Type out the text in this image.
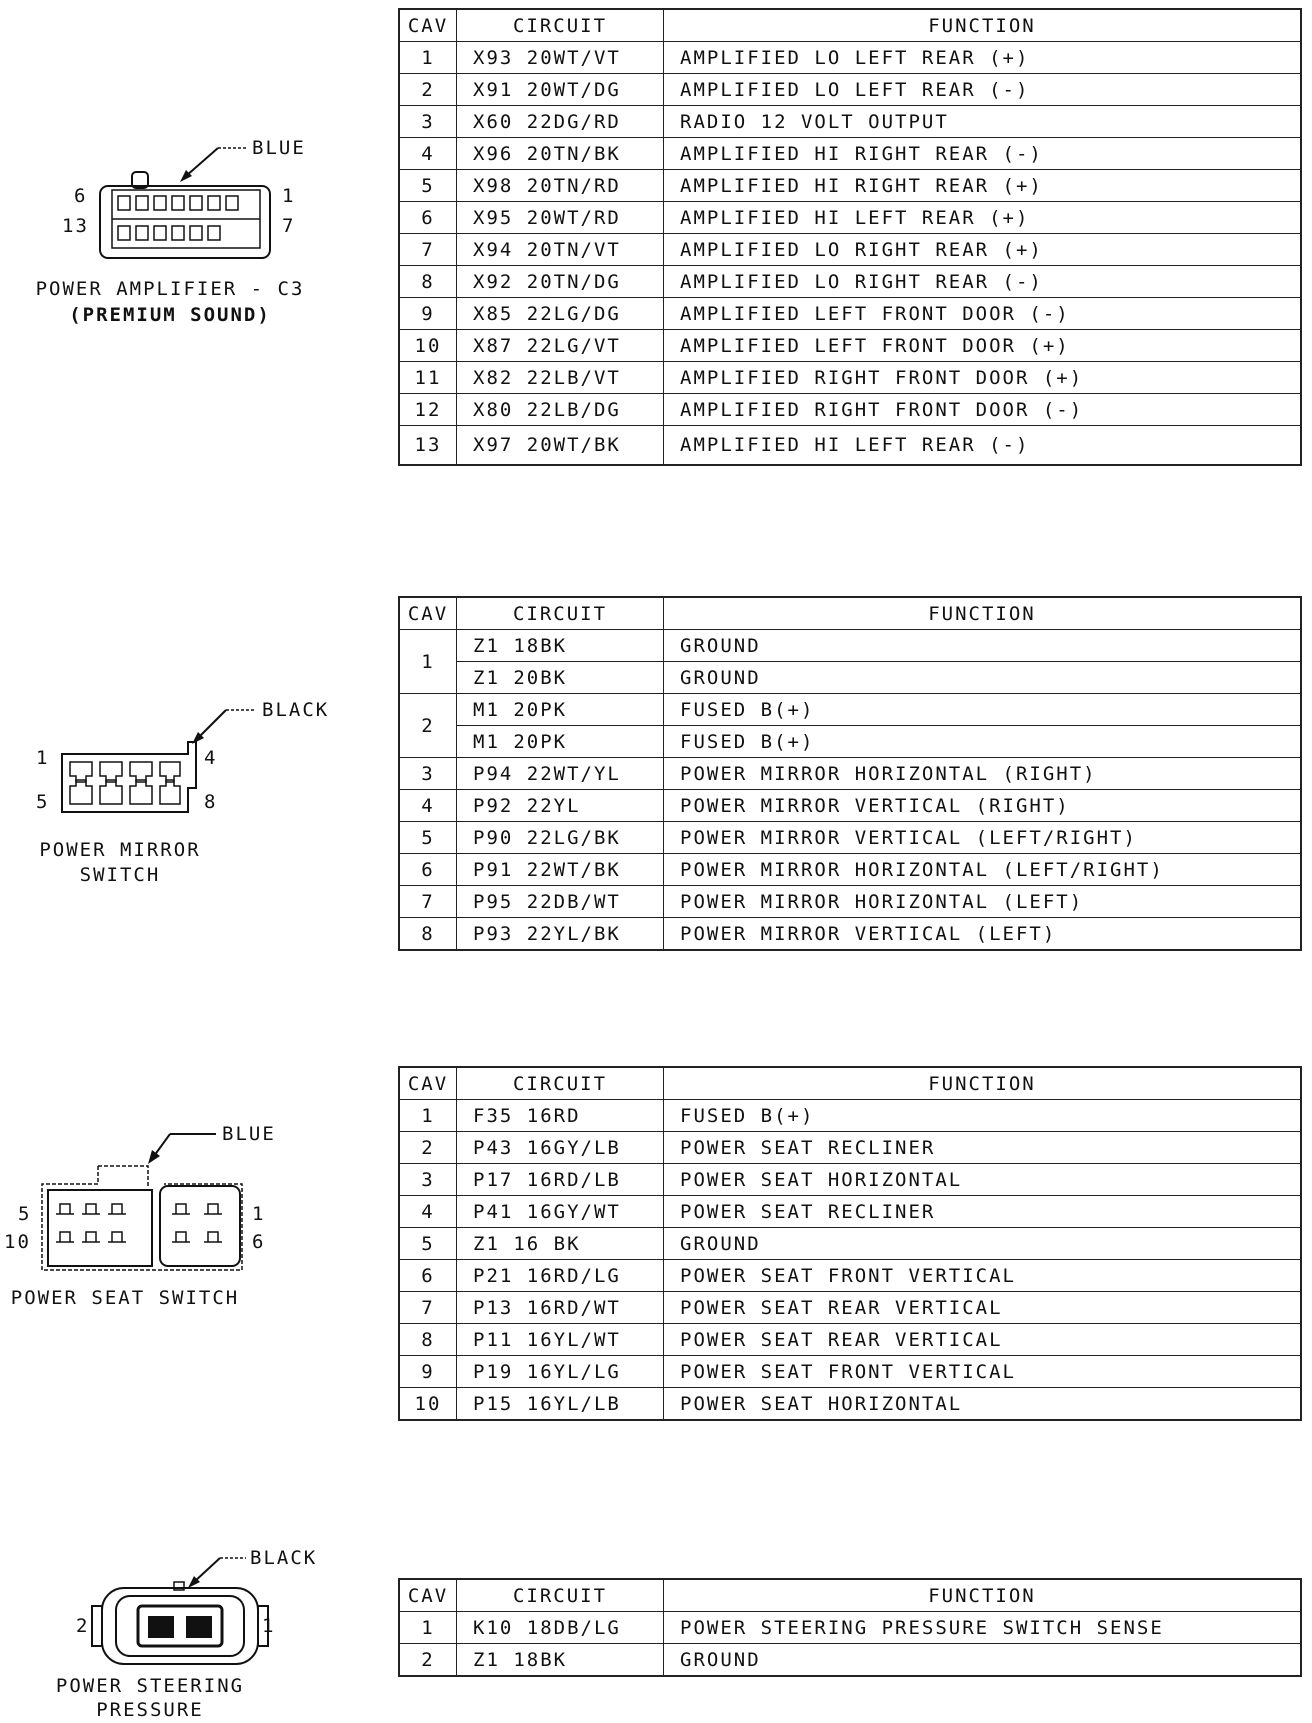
BLUE
6
13
1
7
POWER AMPLIFIER - C3
(PREMIUM SOUND)
CAV	CIRCUIT	FUNCTION
1	X93 20WT/VT	AMPLIFIED LO LEFT REAR (+)
2	X91 20WT/DG	AMPLIFIED LO LEFT REAR (-)
3	X60 22DG/RD	RADIO 12 VOLT OUTPUT
4	X96 20TN/BK	AMPLIFIED HI RIGHT REAR (-)
5	X98 20TN/RD	AMPLIFIED HI RIGHT REAR (+)
6	X95 20WT/RD	AMPLIFIED HI LEFT REAR (+)
7	X94 20TN/VT	AMPLIFIED LO RIGHT REAR (+)
8	X92 20TN/DG	AMPLIFIED LO RIGHT REAR (-)
9	X85 22LG/DG	AMPLIFIED LEFT FRONT DOOR (-)
10	X87 22LG/VT	AMPLIFIED LEFT FRONT DOOR (+)
11	X82 22LB/VT	AMPLIFIED RIGHT FRONT DOOR (+)
12	X80 22LB/DG	AMPLIFIED RIGHT FRONT DOOR (-)
13	X97 20WT/BK	AMPLIFIED HI LEFT REAR (-)
BLACK
1
5
4
8
POWER MIRROR
SWITCH
CAV	CIRCUIT	FUNCTION
1	Z1 18BK	GROUND
	Z1 20BK	GROUND
2	M1 20PK	FUSED B(+)
	M1 20PK	FUSED B(+)
3	P94 22WT/YL	POWER MIRROR HORIZONTAL (RIGHT)
4	P92 22YL	POWER MIRROR VERTICAL (RIGHT)
5	P90 22LG/BK	POWER MIRROR VERTICAL (LEFT/RIGHT)
6	P91 22WT/BK	POWER MIRROR HORIZONTAL (LEFT/RIGHT)
7	P95 22DB/WT	POWER MIRROR HORIZONTAL (LEFT)
8	P93 22YL/BK	POWER MIRROR VERTICAL (LEFT)
BLUE
5
10
1
6
POWER SEAT SWITCH
CAV	CIRCUIT	FUNCTION
1	F35 16RD	FUSED B(+)
2	P43 16GY/LB	POWER SEAT RECLINER
3	P17 16RD/LB	POWER SEAT HORIZONTAL
4	P41 16GY/WT	POWER SEAT RECLINER
5	Z1 16 BK	GROUND
6	P21 16RD/LG	POWER SEAT FRONT VERTICAL
7	P13 16RD/WT	POWER SEAT REAR VERTICAL
8	P11 16YL/WT	POWER SEAT REAR VERTICAL
9	P19 16YL/LG	POWER SEAT FRONT VERTICAL
10	P15 16YL/LB	POWER SEAT HORIZONTAL
BLACK
2	1
POWER STEERING
PRESSURE
CAV	CIRCUIT	FUNCTION
1	K10 18DB/LG	POWER STEERING PRESSURE SWITCH SENSE
2	Z1 18BK	GROUND
